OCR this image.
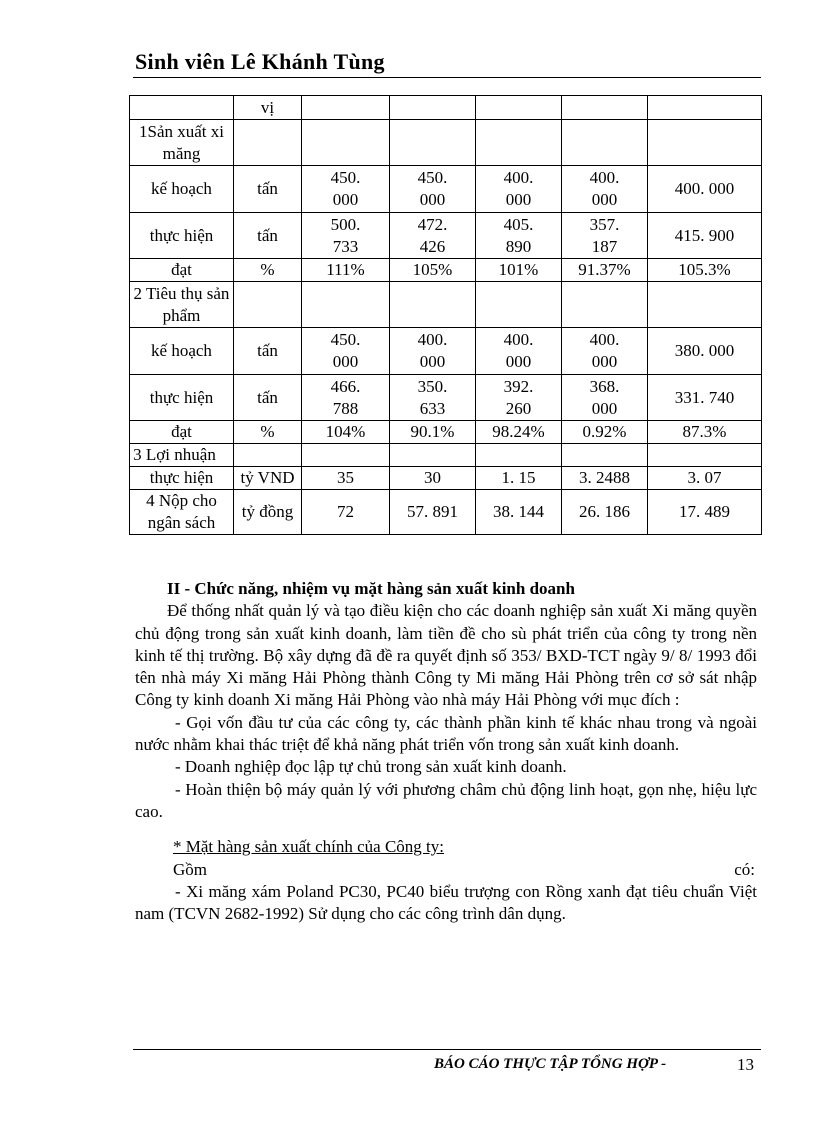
Sinh viên Lê Khánh Tùng
	vị					
1Sản xuất xi măng						
kế hoạch	tấn	450. 000	450. 000	400. 000	400. 000	400. 000
thực hiện	tấn	500. 733	472. 426	405. 890	357. 187	415. 900
đạt	%	111%	105%	101%	91.37%	105.3%
2 Tiêu thụ sản phẩm						
kế hoạch	tấn	450. 000	400. 000	400. 000	400. 000	380. 000
thực hiện	tấn	466. 788	350. 633	392. 260	368. 000	331. 740
đạt	%	104%	90.1%	98.24%	0.92%	87.3%
3 Lợi nhuận						
thực hiện	tỷ VND	35	30	1. 15	3. 2488	3. 07
4 Nộp cho ngân sách	tỷ đồng	72	57. 891	38. 144	26. 186	17. 489

II - Chức năng, nhiệm vụ mặt hàng sản xuất kinh doanh

Để thống nhất quản lý và tạo điều kiện cho các doanh nghiệp sản xuất Xi măng quyền chủ động trong sản xuất kinh doanh, làm tiền đề cho sù phát triển của công ty trong nền kinh tế thị trường. Bộ xây dựng đã đề ra quyết định số 353/ BXD-TCT ngày 9/ 8/ 1993 đổi tên nhà máy Xi măng Hải Phòng thành Công ty Mi măng Hải Phòng trên cơ sở sát nhập Công ty kinh doanh Xi măng Hải Phòng vào nhà máy Hải Phòng với mục đích :

- Gọi vốn đầu tư của các công ty, các thành phần kinh tế khác nhau trong và ngoài nước nhằm khai thác triệt để khả năng phát triển vốn trong sản xuất kinh doanh.

- Doanh nghiệp đọc lập tự chủ trong sản xuất kinh doanh.

- Hoàn thiện bộ máy quản lý với phương châm chủ động linh hoạt, gọn nhẹ, hiệu lực cao.

* Mặt hàng sản xuất chính của Công ty:

Gồm	có:

- Xi măng xám Poland PC30, PC40 biểu trượng con Rồng xanh đạt tiêu chuẩn Việt nam (TCVN 2682-1992) Sử dụng cho các công trình dân dụng.

BÁO CÁO THỰC TẬP TỔNG HỢP -	13
